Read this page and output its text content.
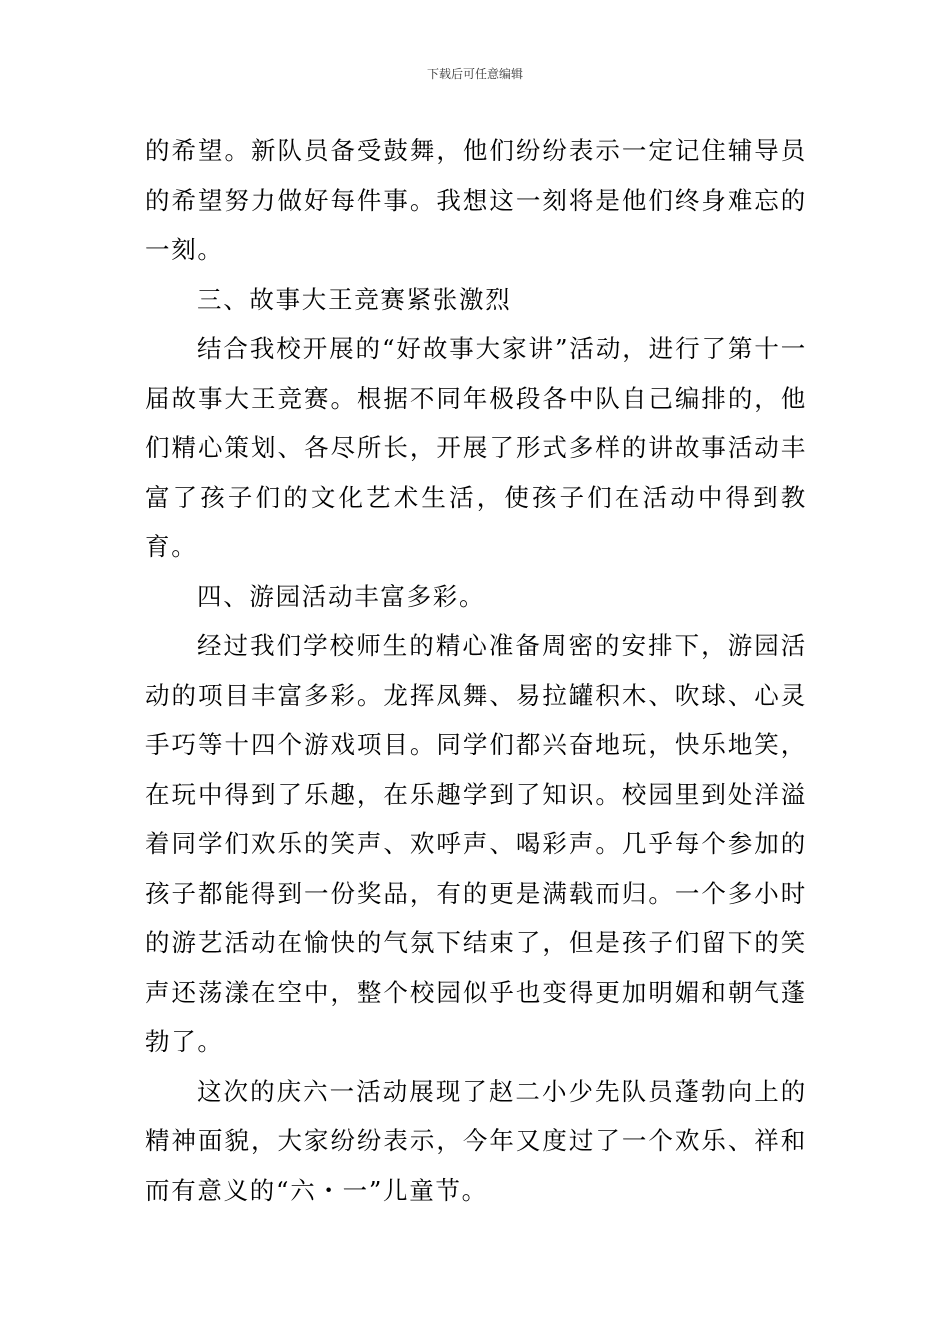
下载后可任意编辑

的希望。新队员备受鼓舞，他们纷纷表示一定记住辅导员的希望努力做好每件事。我想这一刻将是他们终身难忘的一刻。

三、故事大王竞赛紧张激烈

结合我校开展的“好故事大家讲”活动，进行了第十一届故事大王竞赛。根据不同年极段各中队自己编排的，他们精心策划、各尽所长，开展了形式多样的讲故事活动丰富了孩子们的文化艺术生活，使孩子们在活动中得到教育。

四、游园活动丰富多彩。

经过我们学校师生的精心准备周密的安排下，游园活动的项目丰富多彩。龙挥凤舞、易拉罐积木、吹球、心灵手巧等十四个游戏项目。同学们都兴奋地玩，快乐地笑，在玩中得到了乐趣，在乐趣学到了知识。校园里到处洋溢着同学们欢乐的笑声、欢呼声、喝彩声。几乎每个参加的孩子都能得到一份奖品，有的更是满载而归。一个多小时的游艺活动在愉快的气氛下结束了，但是孩子们留下的笑声还荡漾在空中，整个校园似乎也变得更加明媚和朝气蓬勃了。

这次的庆六一活动展现了赵二小少先队员蓬勃向上的精神面貌，大家纷纷表示，今年又度过了一个欢乐、祥和而有意义的“六・一”儿童节。
